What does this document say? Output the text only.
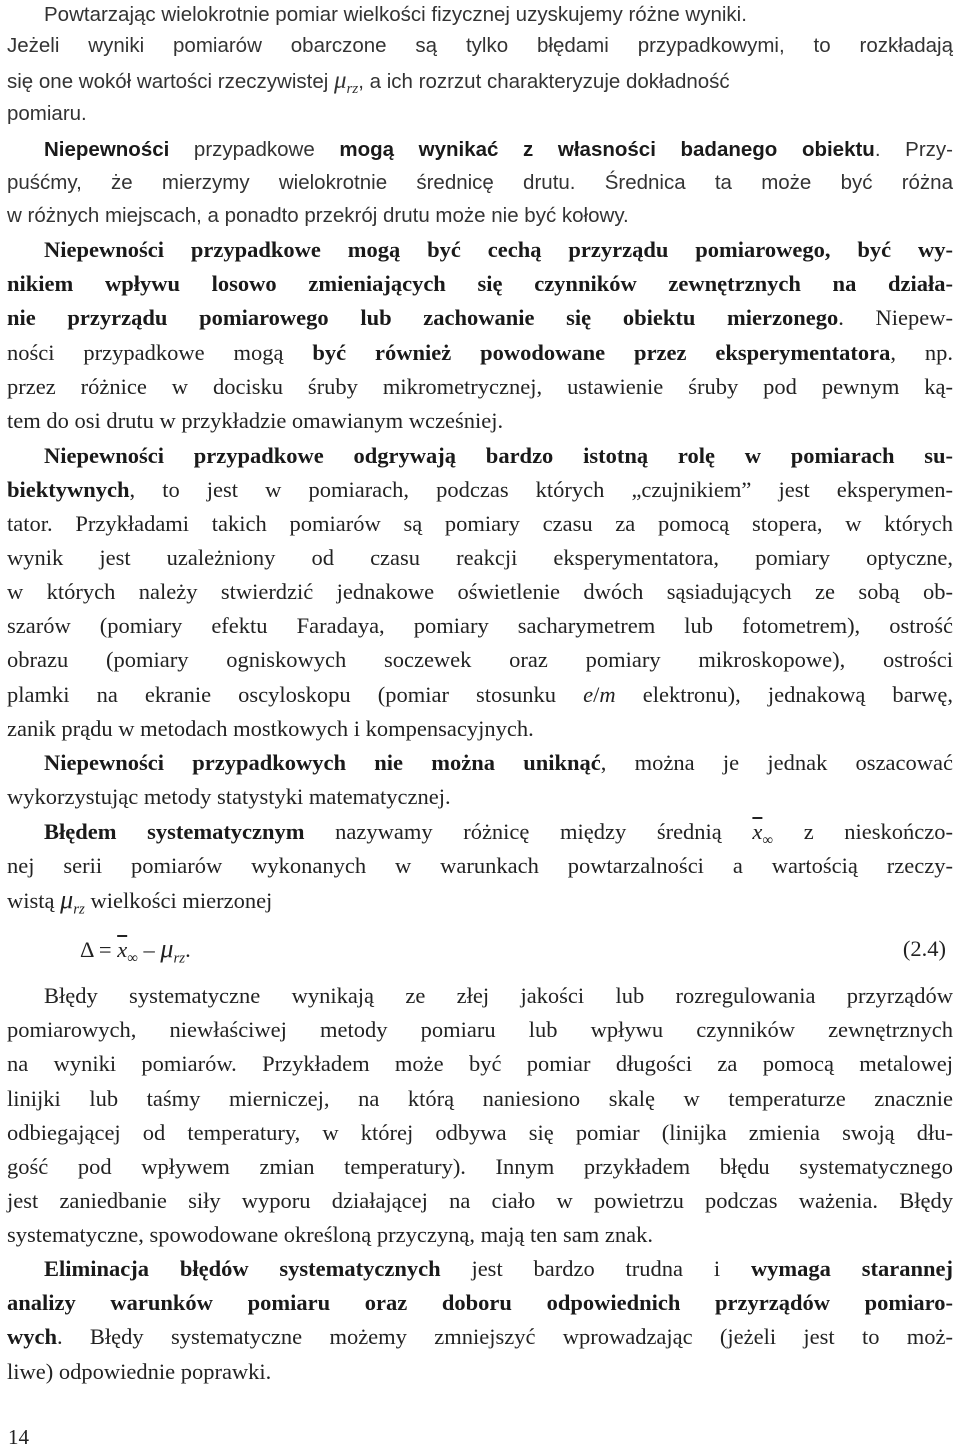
Powtarzając wielokrotnie pomiar wielkości fizycznej uzyskujemy różne wyniki.
Jeżeli wyniki pomiarów obarczone są tylko błędami przypadkowymi, to rozkładają
się one wokół wartości rzeczywistej $\mu_{rz}$, a ich rozrzut charakteryzuje dokładność
pomiaru.
Niepewności przypadkowe mogą wynikać z własności badanego obiektu. Przy-
puśćmy, że mierzymy wielokrotnie średnicę drutu. Średnica ta może być różna
w różnych miejscach, a ponadto przekrój drutu może nie być kołowy.
Niepewności przypadkowe mogą być cechą przyrządu pomiarowego, być wy-
nikiem wpływu losowo zmieniających się czynników zewnętrznych na działa-
nie przyrządu pomiarowego lub zachowanie się obiektu mierzonego. Niepew-
ności przypadkowe mogą być również powodowane przez eksperymentatora, np.
przez różnice w docisku śruby mikrometrycznej, ustawienie śruby pod pewnym ką-
tem do osi drutu w przykładzie omawianym wcześniej.
Niepewności przypadkowe odgrywają bardzo istotną rolę w pomiarach su-
biektywnych, to jest w pomiarach, podczas których „czujnikiem” jest eksperymen-
tator. Przykładami takich pomiarów są pomiary czasu za pomocą stopera, w których
wynik jest uzależniony od czasu reakcji eksperymentatora, pomiary optyczne,
w których należy stwierdzić jednakowe oświetlenie dwóch sąsiadujących ze sobą ob-
szarów (pomiary efektu Faradaya, pomiary sacharymetrem lub fotometrem), ostrość
obrazu (pomiary ogniskowych soczewek oraz pomiary mikroskopowe), ostrości
plamki na ekranie oscyloskopu (pomiar stosunku e/m elektronu), jednakową barwę,
zanik prądu w metodach mostkowych i kompensacyjnych.
Niepewności przypadkowych nie można uniknąć, można je jednak oszacować
wykorzystując metody statystyki matematycznej.
Błędem systematycznym nazywamy różnicę między średnią $\overline{x}_\infty$ z nieskończo-
nej serii pomiarów wykonanych w warunkach powtarzalności a wartością rzeczy-
wistą $\mu_{rz}$ wielkości mierzonej
$\Delta = \overline{x}_\infty - \mu_{rz}$.	(2.4)
Błędy systematyczne wynikają ze złej jakości lub rozregulowania przyrządów
pomiarowych, niewłaściwej metody pomiaru lub wpływu czynników zewnętrznych
na wyniki pomiarów. Przykładem może być pomiar długości za pomocą metalowej
linijki lub taśmy mierniczej, na którą naniesiono skalę w temperaturze znacznie
odbiegającej od temperatury, w której odbywa się pomiar (linijka zmienia swoją dłu-
gość pod wpływem zmian temperatury). Innym przykładem błędu systematycznego
jest zaniedbanie siły wyporu działającej na ciało w powietrzu podczas ważenia. Błędy
systematyczne, spowodowane określoną przyczyną, mają ten sam znak.
Eliminacja błędów systematycznych jest bardzo trudna i wymaga starannej
analizy warunków pomiaru oraz doboru odpowiednich przyrządów pomiaro-
wych. Błędy systematyczne możemy zmniejszyć wprowadzając (jeżeli jest to moż-
liwe) odpowiednie poprawki.
14
